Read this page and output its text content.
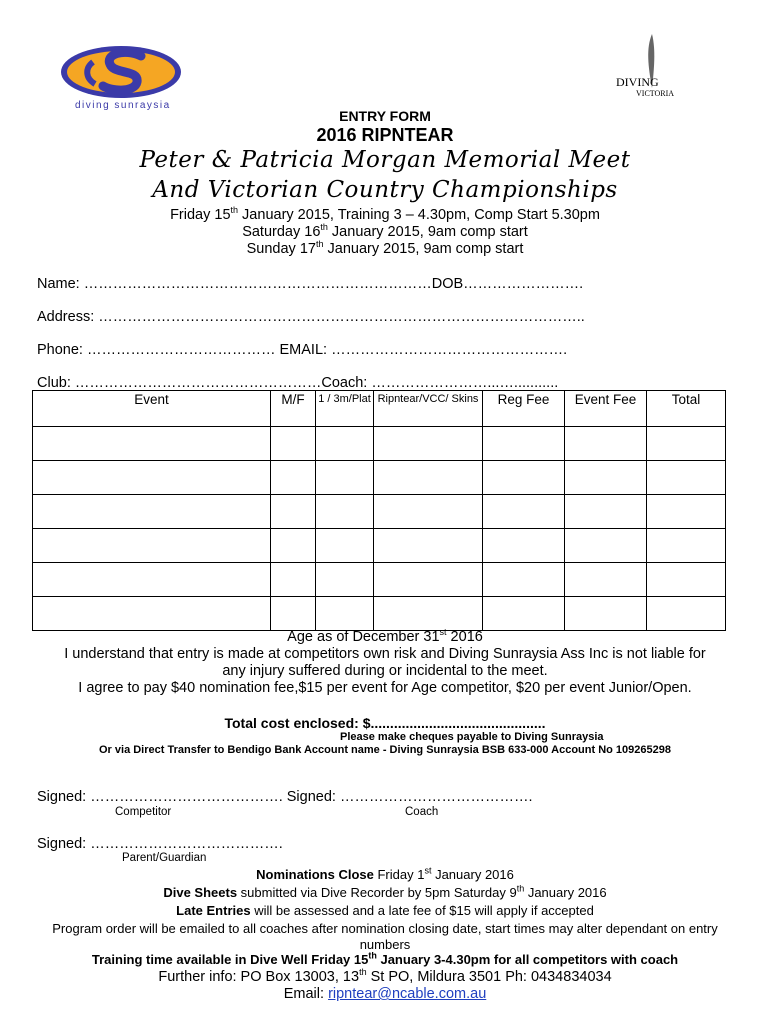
diving sunraysia
DIVING
VICTORIA
ENTRY FORM
2016 RIPNTEAR
Peter & Patricia Morgan Memorial Meet
And Victorian Country Championships
Friday 15th January 2015, Training 3 – 4.30pm, Comp Start 5.30pm
Saturday 16th January 2015, 9am comp start
Sunday 17th January 2015, 9am comp start
Name: ………………………………………………………………DOB…………………….
Address: ………………………………………………………………………………………..
Phone: ………………………………… EMAIL: ………………………………………….
Club: ……………………………………………Coach: ……………………...…...........
Event	M/F	1 / 3m/Plat	Ripntear/VCC/ Skins	Reg Fee	Event Fee	Total

Age as of December 31st 2016
I understand that entry is made at competitors own risk and Diving Sunraysia Ass Inc is not liable for
any injury suffered during or incidental to the meet.
I agree to pay $40 nomination fee,$15 per event for Age competitor, $20 per event Junior/Open.
Total cost enclosed: $.............................................
Please make cheques payable to Diving Sunraysia
Or via Direct Transfer to Bendigo Bank Account name - Diving Sunraysia BSB 633-000 Account No 109265298
Signed: …………………………………. Signed: ………………………………….
Competitor	Coach
Signed: ………………………………….
Parent/Guardian
Nominations Close Friday 1st January 2016
Dive Sheets submitted via Dive Recorder by 5pm Saturday 9th January 2016
Late Entries will be assessed and a late fee of $15 will apply if accepted
Program order will be emailed to all coaches after nomination closing date, start times may alter dependant on entry numbers
Training time available in Dive Well Friday 15th January 3-4.30pm for all competitors with coach
Further info: PO Box 13003, 13th St PO, Mildura 3501 Ph: 0434834034
Email: ripntear@ncable.com.au
